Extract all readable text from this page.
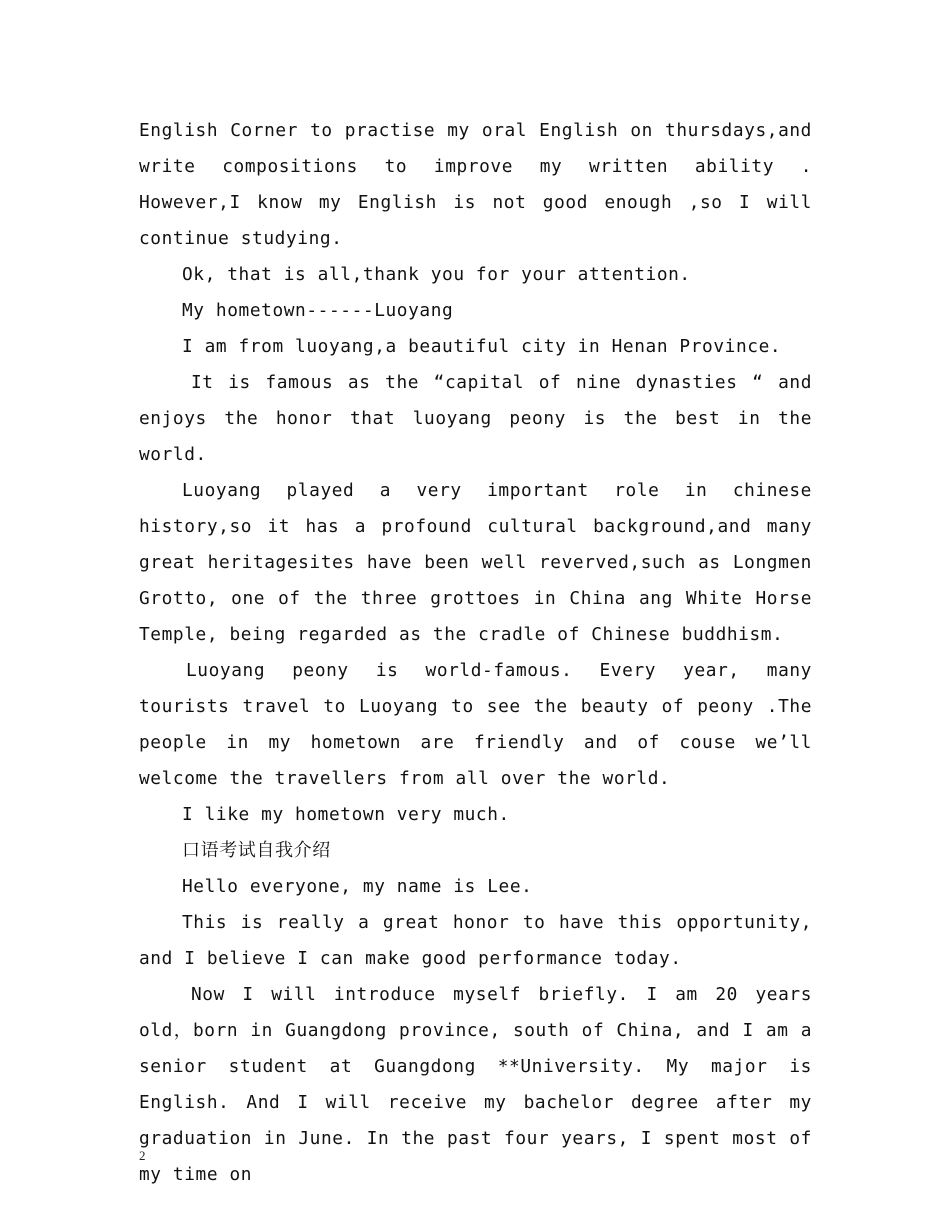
English Corner to practise my oral English on thursdays,and write compositions to improve my written ability . However,I know my English is not good enough ,so I will continue studying.

Ok, that is all,thank you for your attention.

My hometown------Luoyang

I am from luoyang,a beautiful city in Henan Province.

It is famous as the “capital of nine dynasties “ and enjoys the honor that luoyang peony is the best in the world.

Luoyang played a very important role in chinese history,so it has a profound cultural background,and many great heritagesites have been well reverved,such as Longmen Grotto, one of the three grottoes in China ang White Horse Temple, being regarded as the cradle of Chinese buddhism.

Luoyang peony is world-famous. Every year, many tourists travel to Luoyang to see the beauty of peony .The people in my hometown are friendly and of couse we’ll welcome the travellers from all over the world.

I like my hometown very much.

口语考试自我介绍

Hello everyone, my name is Lee.

This is really a great honor to have this opportunity, and I believe I can make good performance today.

Now I will introduce myself briefly. I am 20 years old，born in Guangdong province, south of China, and I am a senior student at Guangdong **University. My major is English. And I will receive my bachelor degree after my graduation in June. In the past four years, I spent most of my time on

2
